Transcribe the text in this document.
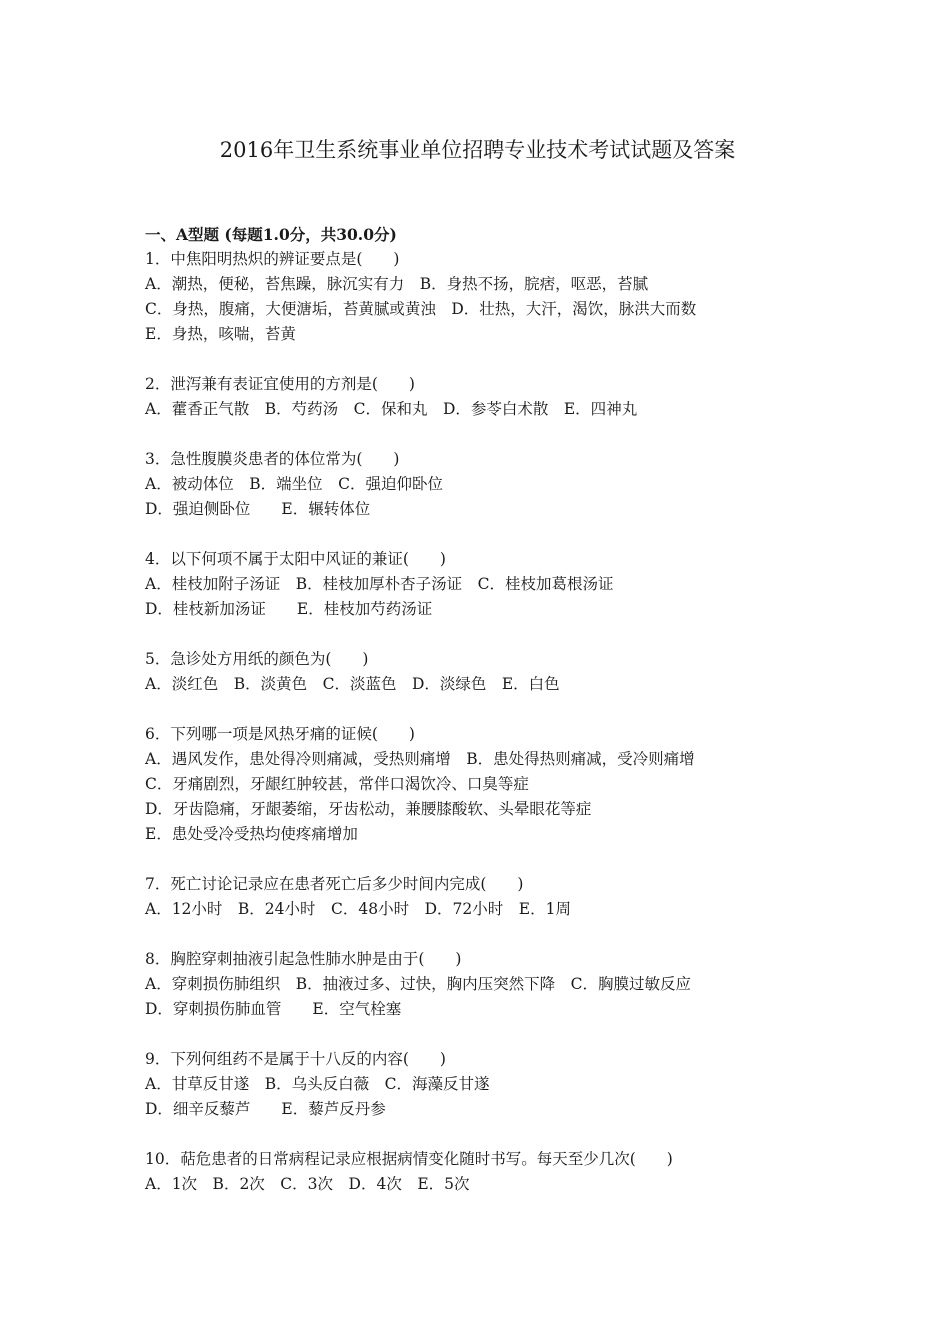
2016年卫生系统事业单位招聘专业技术考试试题及答案
一、A型题 (每题1.0分，共30.0分)
1．中焦阳明热炽的辨证要点是(　　)
A．潮热，便秘，苔焦躁，脉沉实有力　B．身热不扬，脘痞，呕恶，苔腻
C．身热，腹痛，大便溏垢，苔黄腻或黄浊　D．壮热，大汗，渴饮，脉洪大而数
E．身热，咳喘，苔黄
2．泄泻兼有表证宜使用的方剂是(　　)
A．藿香正气散　B．芍药汤　C．保和丸　D．参苓白术散　E．四神丸
3．急性腹膜炎患者的体位常为(　　)
A．被动体位　B．端坐位　C．强迫仰卧位
D．强迫侧卧位　　E．辗转体位
4．以下何项不属于太阳中风证的兼证(　　)
A．桂枝加附子汤证　B．桂枝加厚朴杏子汤证　C．桂枝加葛根汤证
D．桂枝新加汤证　　E．桂枝加芍药汤证
5．急诊处方用纸的颜色为(　　)
A．淡红色　B．淡黄色　C．淡蓝色　D．淡绿色　E．白色
6．下列哪一项是风热牙痛的证候(　　)
A．遇风发作，患处得冷则痛减，受热则痛增　B．患处得热则痛减，受冷则痛增
C．牙痛剧烈，牙龈红肿较甚，常伴口渴饮冷、口臭等症
D．牙齿隐痛，牙龈萎缩，牙齿松动，兼腰膝酸软、头晕眼花等症
E．患处受冷受热均使疼痛增加
7．死亡讨论记录应在患者死亡后多少时间内完成(　　)
A．12小时　B．24小时　C．48小时　D．72小时　E．1周
8．胸腔穿刺抽液引起急性肺水肿是由于(　　)
A．穿刺损伤肺组织　B．抽液过多、过快，胸内压突然下降　C．胸膜过敏反应
D．穿刺损伤肺血管　　E．空气栓塞
9．下列何组药不是属于十八反的内容(　　)
A．甘草反甘遂　B．乌头反白薇　C．海藻反甘遂
D．细辛反藜芦　　E．藜芦反丹参
10．萜危患者的日常病程记录应根据病情变化随时书写。每天至少几次(　　)
A．1次　B．2次　C．3次　D．4次　E．5次
